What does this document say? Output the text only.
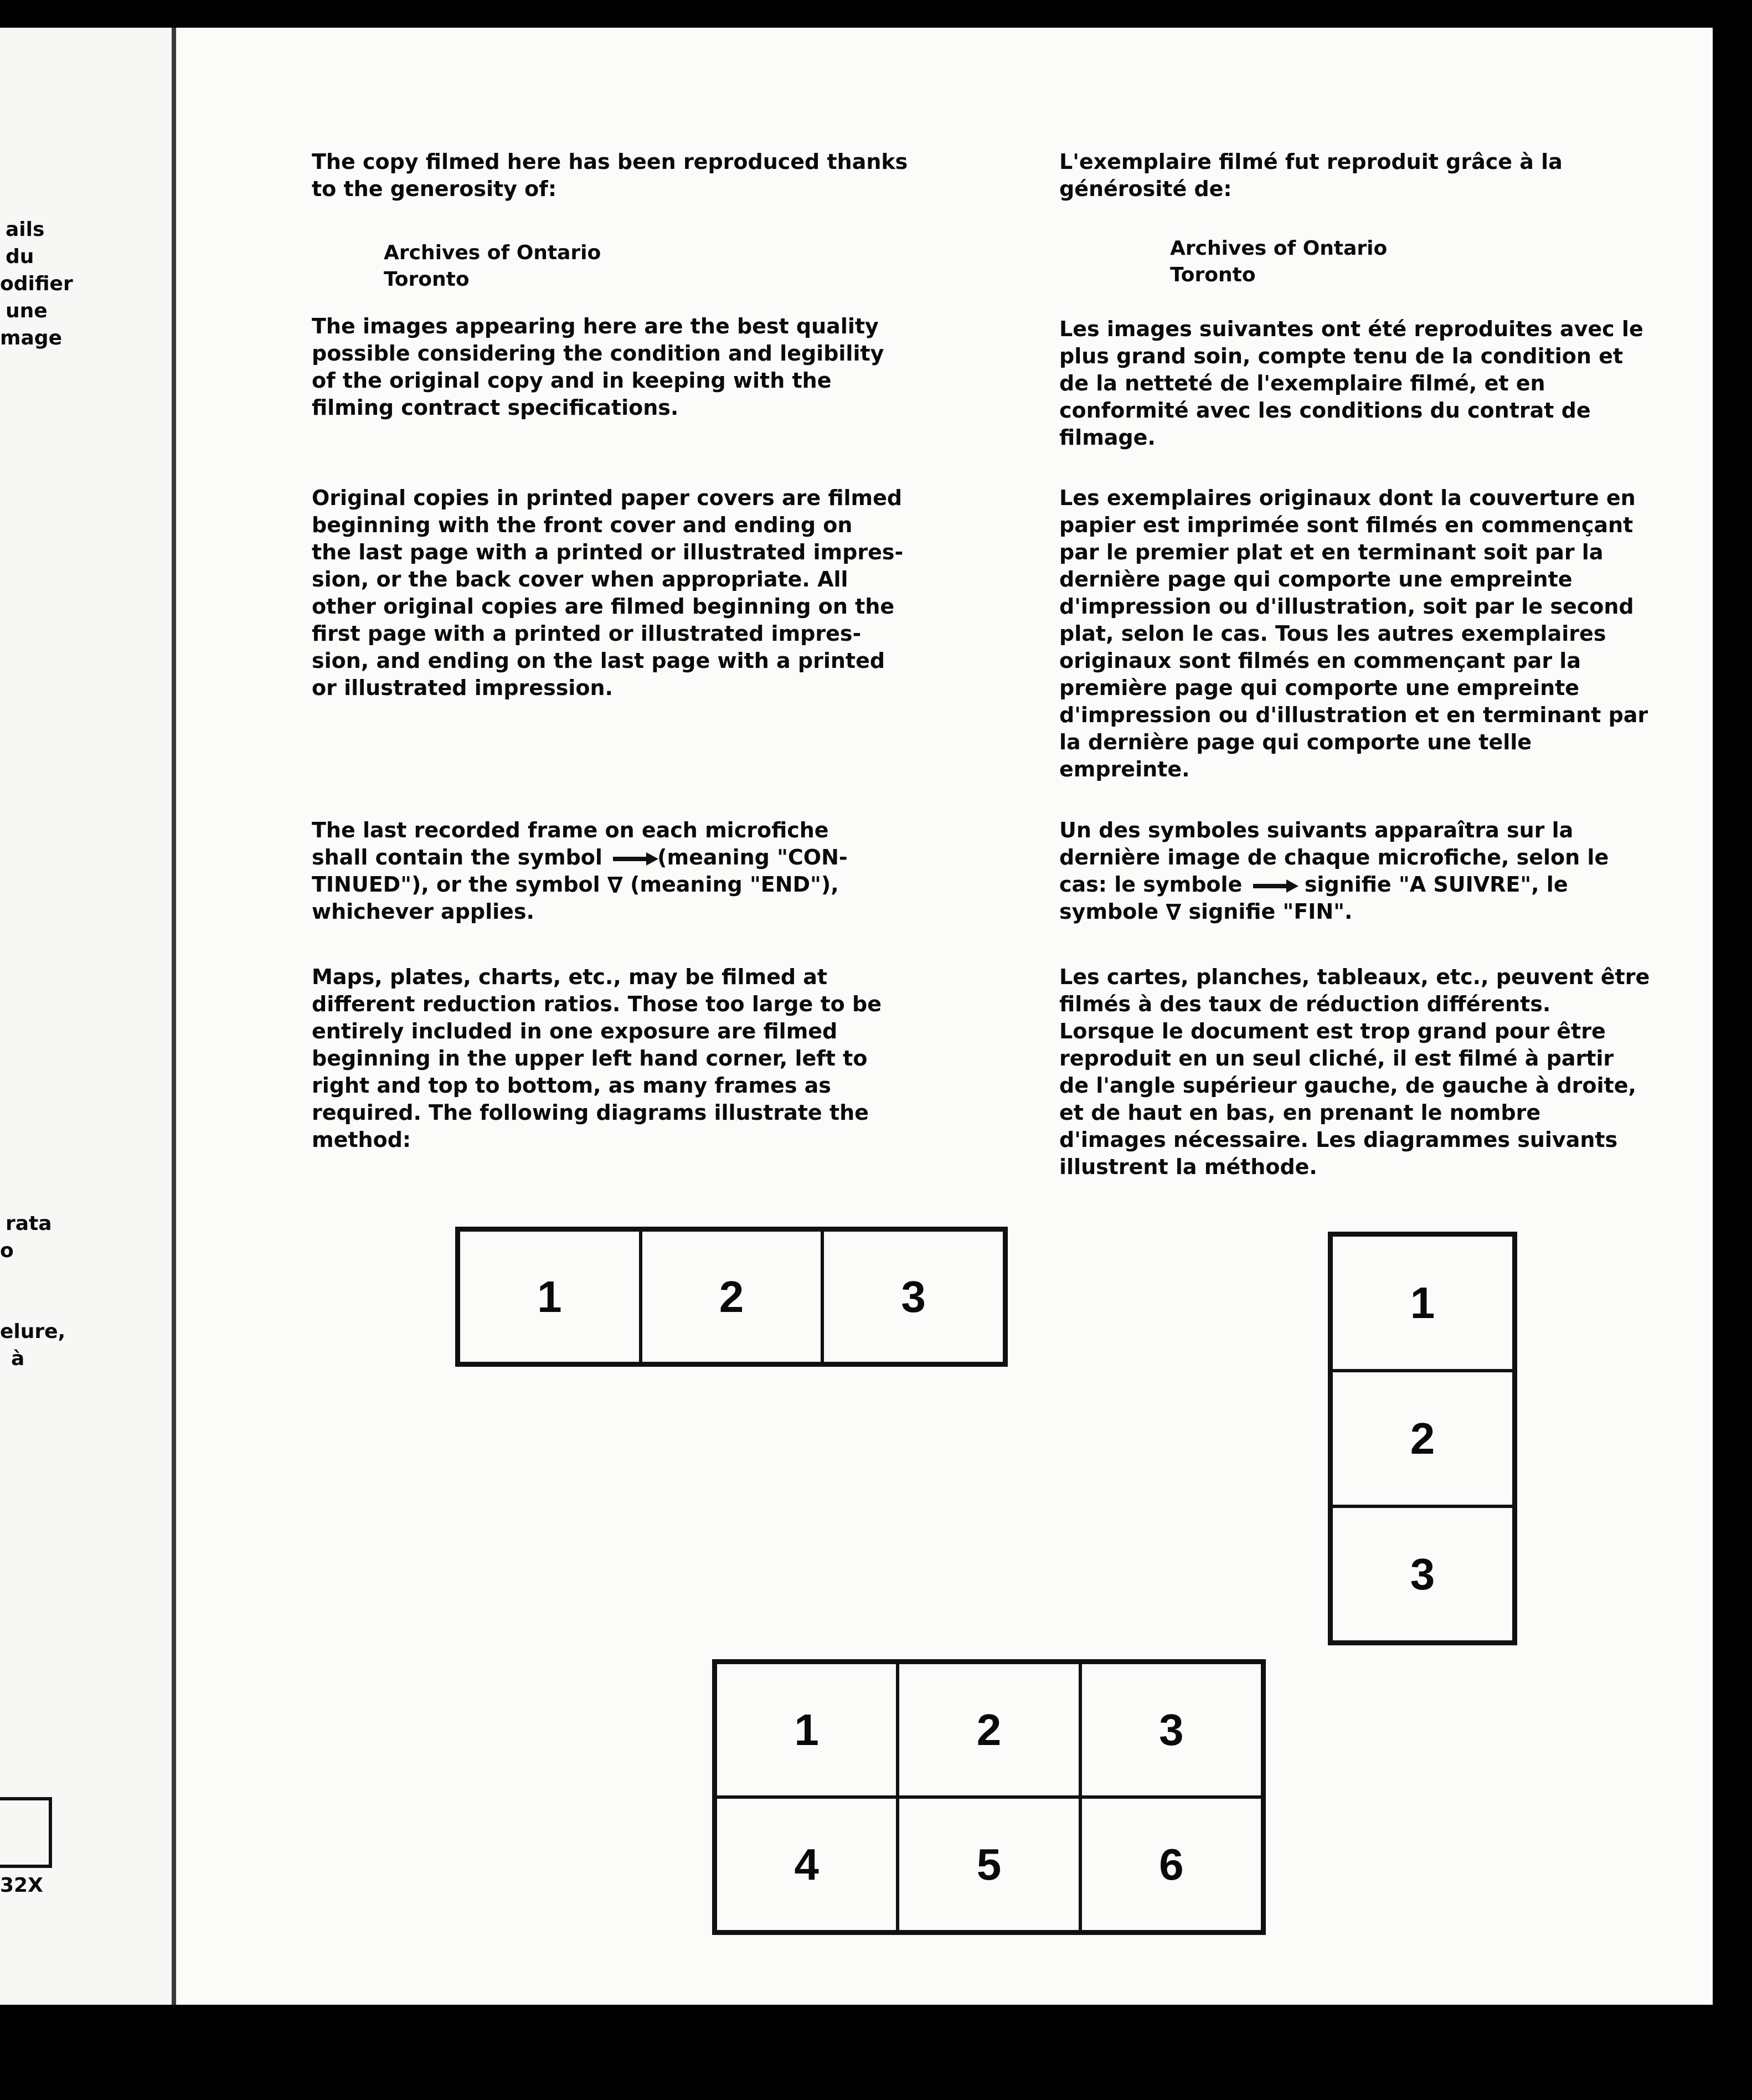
ails
du
odifier
une
mage
rata
o
elure,
à
32X

The copy filmed here has been reproduced thanks
to the generosity of:

Archives of Ontario
Toronto

The images appearing here are the best quality
possible considering the condition and legibility
of the original copy and in keeping with the
filming contract specifications.

Original copies in printed paper covers are filmed
beginning with the front cover and ending on
the last page with a printed or illustrated impres-
sion, or the back cover when appropriate. All
other original copies are filmed beginning on the
first page with a printed or illustrated impres-
sion, and ending on the last page with a printed
or illustrated impression.

The last recorded frame on each microfiche
shall contain the symbol	(meaning "CON-
TINUED"), or the symbol ∇ (meaning "END"),
whichever applies.

Maps, plates, charts, etc., may be filmed at
different reduction ratios. Those too large to be
entirely included in one exposure are filmed
beginning in the upper left hand corner, left to
right and top to bottom, as many frames as
required. The following diagrams illustrate the
method:

L'exemplaire filmé fut reproduit grâce à la
générosité de:

Archives of Ontario
Toronto

Les images suivantes ont été reproduites avec le
plus grand soin, compte tenu de la condition et
de la netteté de l'exemplaire filmé, et en
conformité avec les conditions du contrat de
filmage.

Les exemplaires originaux dont la couverture en
papier est imprimée sont filmés en commençant
par le premier plat et en terminant soit par la
dernière page qui comporte une empreinte
d'impression ou d'illustration, soit par le second
plat, selon le cas. Tous les autres exemplaires
originaux sont filmés en commençant par la
première page qui comporte une empreinte
d'impression ou d'illustration et en terminant par
la dernière page qui comporte une telle
empreinte.

Un des symboles suivants apparaîtra sur la
dernière image de chaque microfiche, selon le
cas: le symbole	signifie "A SUIVRE", le
symbole ∇ signifie "FIN".

Les cartes, planches, tableaux, etc., peuvent être
filmés à des taux de réduction différents.
Lorsque le document est trop grand pour être
reproduit en un seul cliché, il est filmé à partir
de l'angle supérieur gauche, de gauche à droite,
et de haut en bas, en prenant le nombre
d'images nécessaire. Les diagrammes suivants
illustrent la méthode.

1	2	3	1
2
3
1	2	3
4	5	6
